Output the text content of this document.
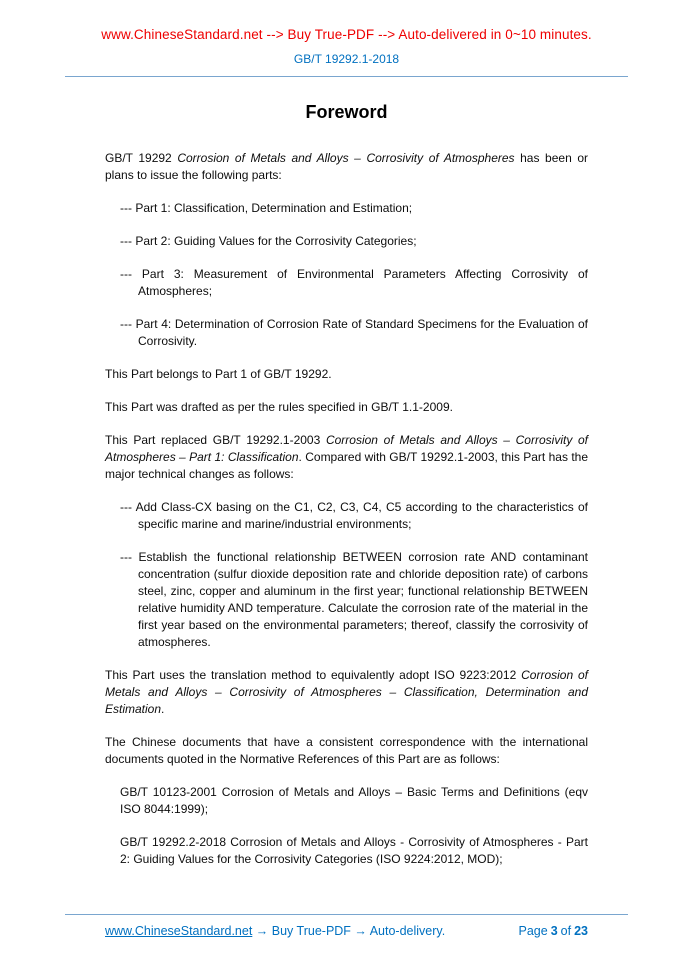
www.ChineseStandard.net --> Buy True-PDF --> Auto-delivered in 0~10 minutes.
GB/T 19292.1-2018
Foreword

GB/T 19292 Corrosion of Metals and Alloys – Corrosivity of Atmospheres has been or plans to issue the following parts:

--- Part 1: Classification, Determination and Estimation;

--- Part 2: Guiding Values for the Corrosivity Categories;

--- Part 3: Measurement of Environmental Parameters Affecting Corrosivity of Atmospheres;

--- Part 4: Determination of Corrosion Rate of Standard Specimens for the Evaluation of Corrosivity.

This Part belongs to Part 1 of GB/T 19292.

This Part was drafted as per the rules specified in GB/T 1.1-2009.

This Part replaced GB/T 19292.1-2003 Corrosion of Metals and Alloys – Corrosivity of Atmospheres – Part 1: Classification. Compared with GB/T 19292.1-2003, this Part has the major technical changes as follows:

--- Add Class-CX basing on the C1, C2, C3, C4, C5 according to the characteristics of specific marine and marine/industrial environments;

--- Establish the functional relationship BETWEEN corrosion rate AND contaminant concentration (sulfur dioxide deposition rate and chloride deposition rate) of carbons steel, zinc, copper and aluminum in the first year; functional relationship BETWEEN relative humidity AND temperature. Calculate the corrosion rate of the material in the first year based on the environmental parameters; thereof, classify the corrosivity of atmospheres.

This Part uses the translation method to equivalently adopt ISO 9223:2012 Corrosion of Metals and Alloys – Corrosivity of Atmospheres – Classification, Determination and Estimation.

The Chinese documents that have a consistent correspondence with the international documents quoted in the Normative References of this Part are as follows:

GB/T 10123-2001 Corrosion of Metals and Alloys – Basic Terms and Definitions (eqv ISO 8044:1999);

GB/T 19292.2-2018 Corrosion of Metals and Alloys - Corrosivity of Atmospheres - Part 2: Guiding Values for the Corrosivity Categories (ISO 9224:2012, MOD);

www.ChineseStandard.net → Buy True-PDF → Auto-delivery.	Page 3 of 23
